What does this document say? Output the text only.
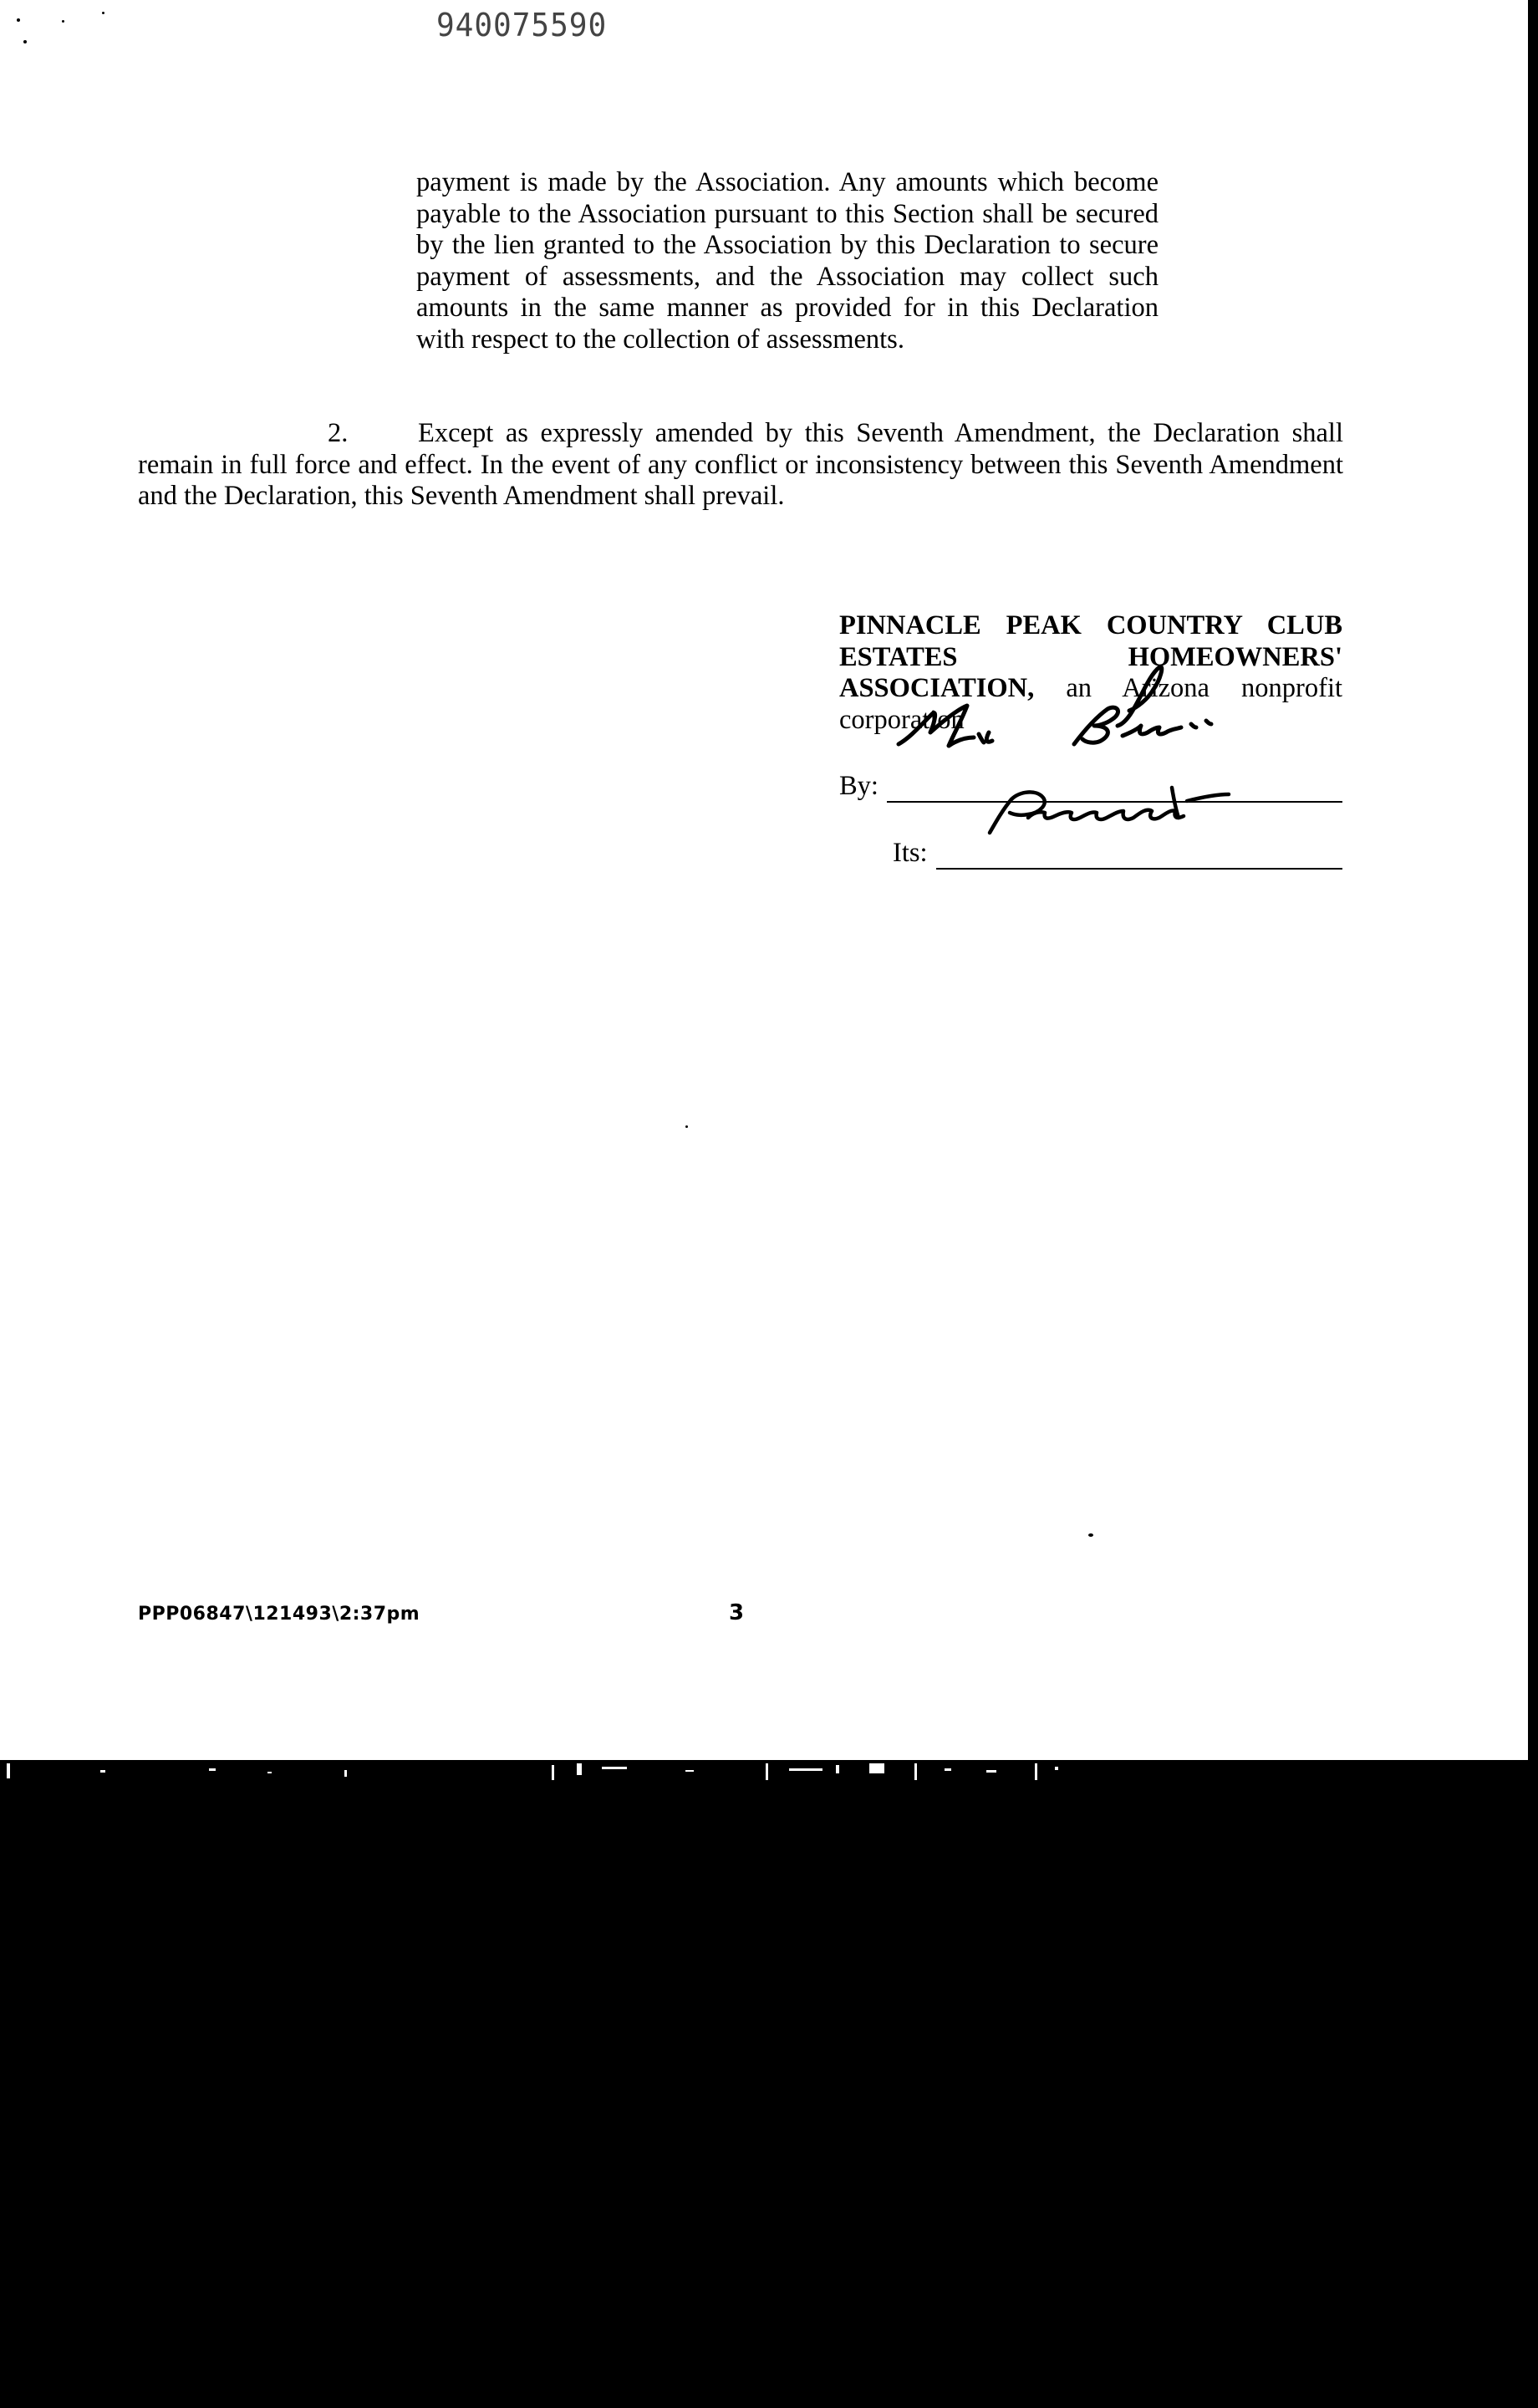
940075590
payment is made by the Association. Any amounts which become payable to the Association pursuant to this Section shall be secured by the lien granted to the Association by this Declaration to secure payment of assessments, and the Association may collect such amounts in the same manner as provided for in this Declaration with respect to the collection of assessments.
2.	Except as expressly amended by this Seventh Amendment, the Declaration shall remain in full force and effect. In the event of any conflict or inconsistency between this Seventh Amendment and the Declaration, this Seventh Amendment shall prevail.
PINNACLE PEAK COUNTRY CLUB ESTATES HOMEOWNERS' ASSOCIATION, an Arizona nonprofit corporation
By:
Its:
PPP06847\121493\2:37pm	3
